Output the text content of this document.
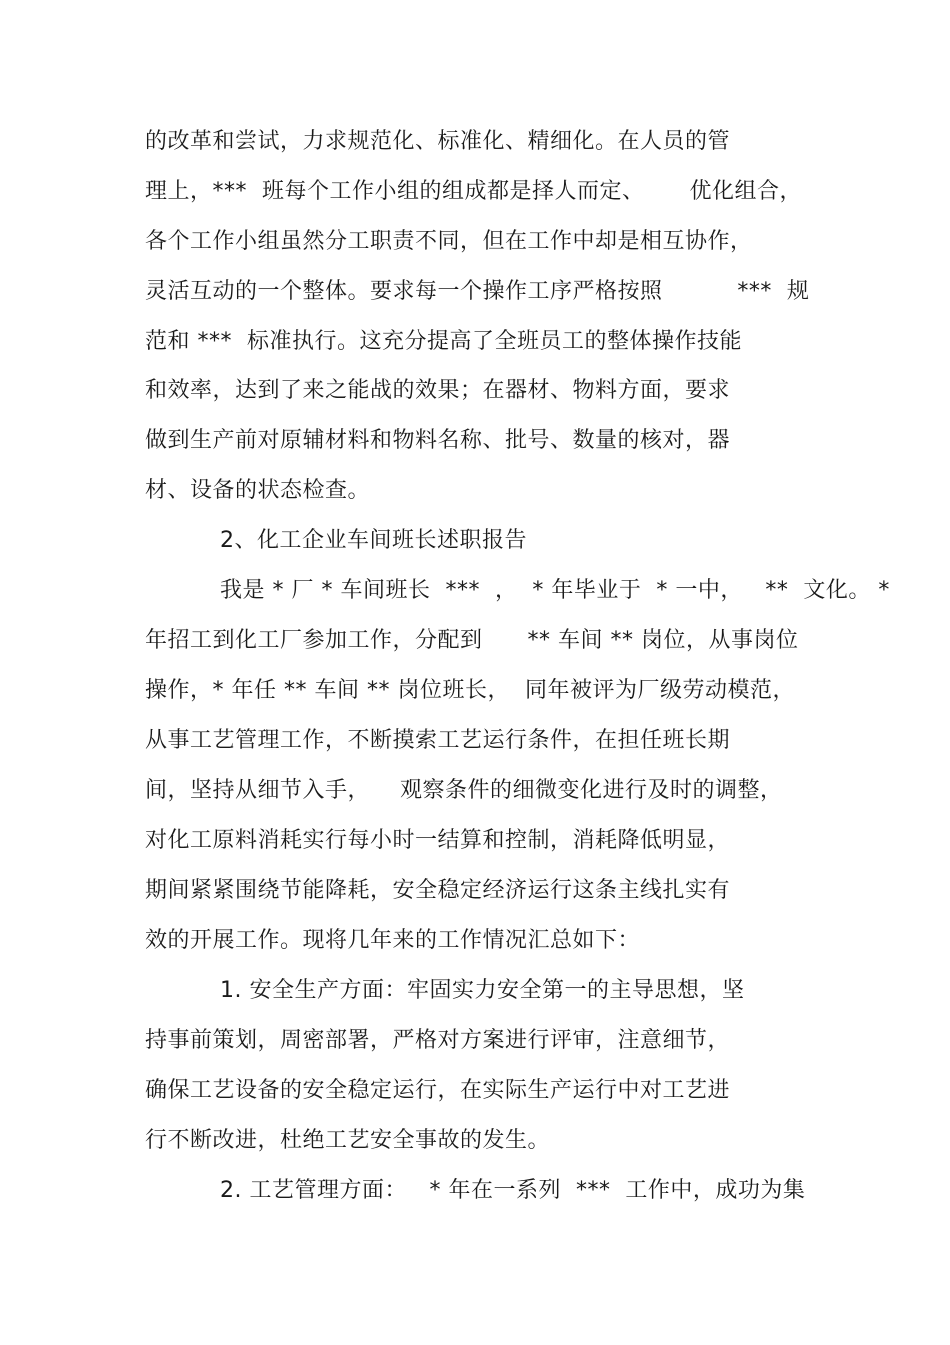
的改革和尝试，力求规范化、标准化、精细化。在人员的管
理上，***  班每个工作小组的组成都是择人而定、      优化组合，
各个工作小组虽然分工职责不同，但在工作中却是相互协作，
灵活互动的一个整体。要求每一个操作工序严格按照          ***  规
范和 ***  标准执行。这充分提高了全班员工的整体操作技能
和效率，达到了来之能战的效果；在器材、物料方面，要求
做到生产前对原辅材料和物料名称、批号、数量的核对，器
材、设备的状态检查。
2、化工企业车间班长述职报告
我是 * 厂 * 车间班长  ***  ，  * 年毕业于  * 一中，   **  文化。 *
年招工到化工厂参加工作，分配到      ** 车间 ** 岗位，从事岗位
操作，* 年任 ** 车间 ** 岗位班长，  同年被评为厂级劳动模范，
从事工艺管理工作，不断摸索工艺运行条件，在担任班长期
间，坚持从细节入手，    观察条件的细微变化进行及时的调整，
对化工原料消耗实行每小时一结算和控制，消耗降低明显，
期间紧紧围绕节能降耗，安全稳定经济运行这条主线扎实有
效的开展工作。现将几年来的工作情况汇总如下：
1. 安全生产方面：牢固实力安全第一的主导思想，坚
持事前策划，周密部署，严格对方案进行评审，注意细节，
确保工艺设备的安全稳定运行，在实际生产运行中对工艺进
行不断改进，杜绝工艺安全事故的发生。
2. 工艺管理方面：   * 年在一系列  ***  工作中，成功为集
